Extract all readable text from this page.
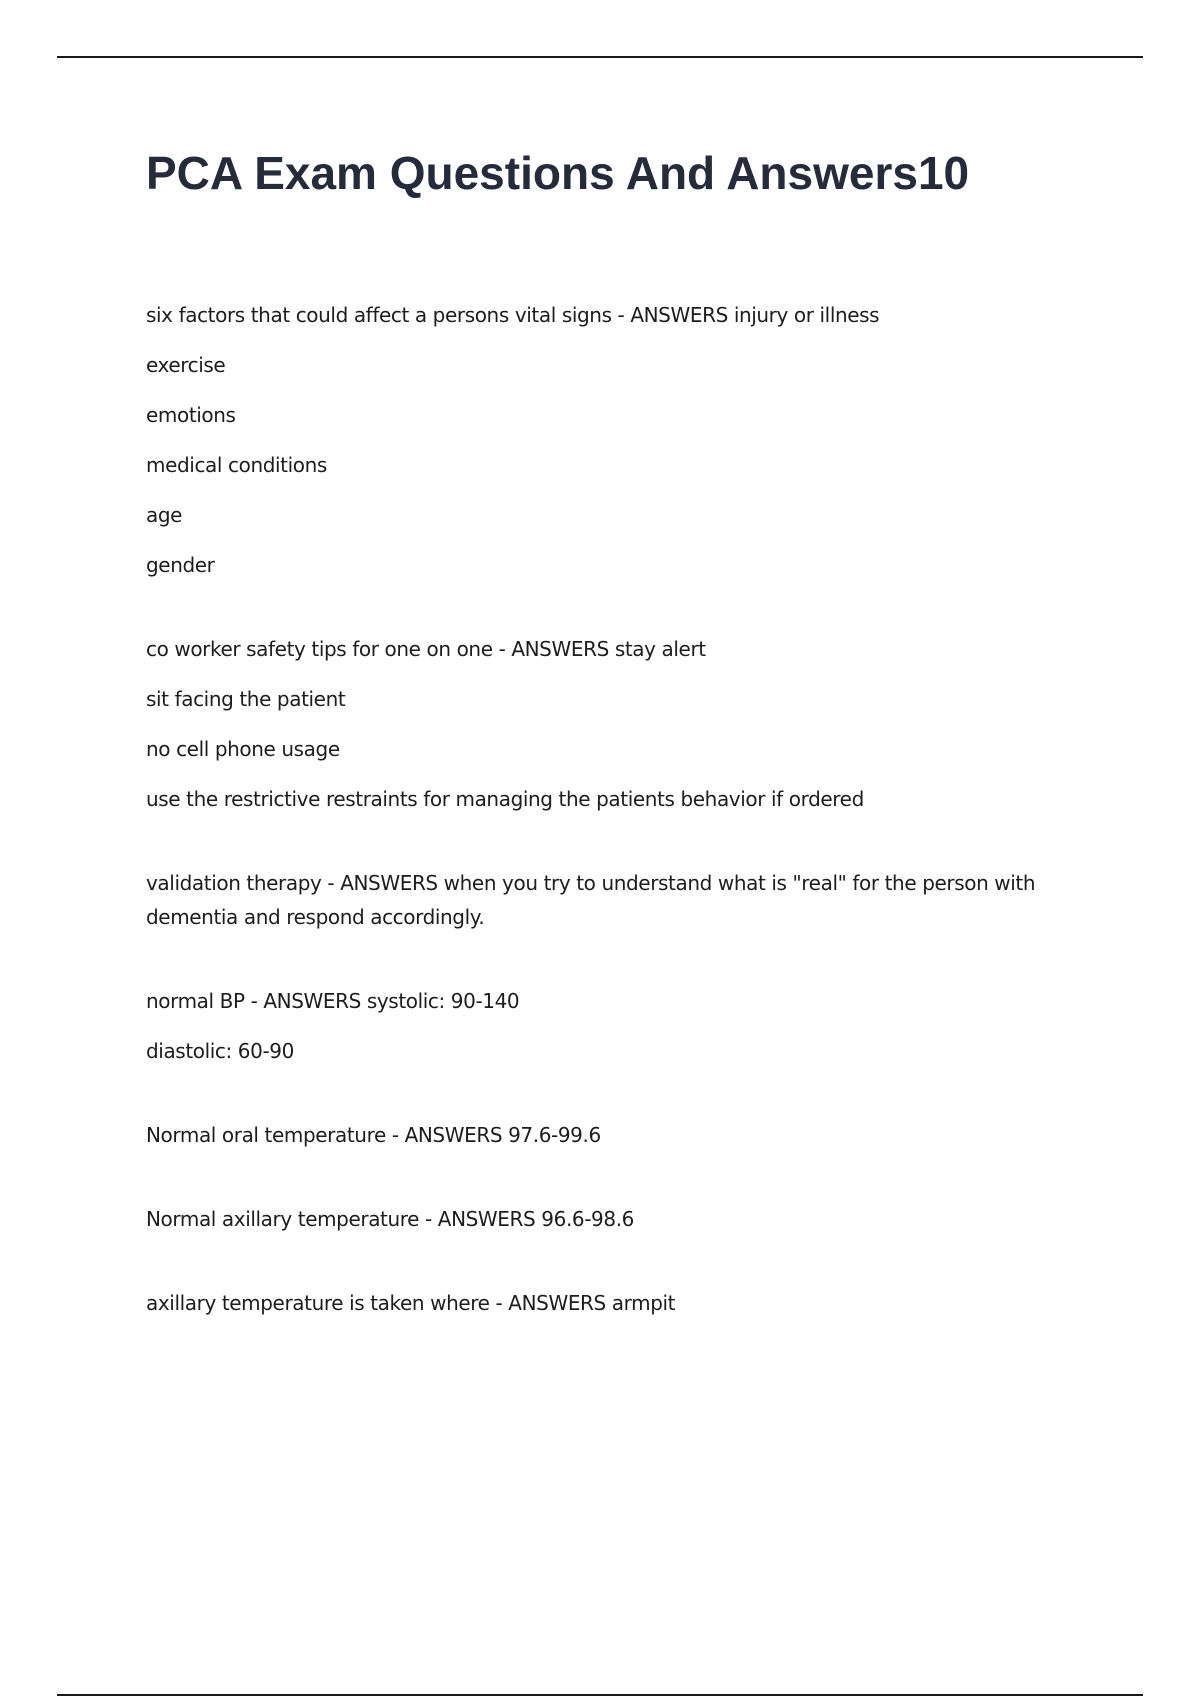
PCA Exam Questions And Answers10

six factors that could affect a persons vital signs - ANSWERS injury or illness

exercise

emotions

medical conditions

age

gender

co worker safety tips for one on one - ANSWERS stay alert

sit facing the patient

no cell phone usage

use the restrictive restraints for managing the patients behavior if ordered

validation therapy - ANSWERS when you try to understand what is "real" for the person with dementia and respond accordingly.

normal BP - ANSWERS systolic: 90-140

diastolic: 60-90

Normal oral temperature - ANSWERS 97.6-99.6

Normal axillary temperature - ANSWERS 96.6-98.6

axillary temperature is taken where - ANSWERS armpit
